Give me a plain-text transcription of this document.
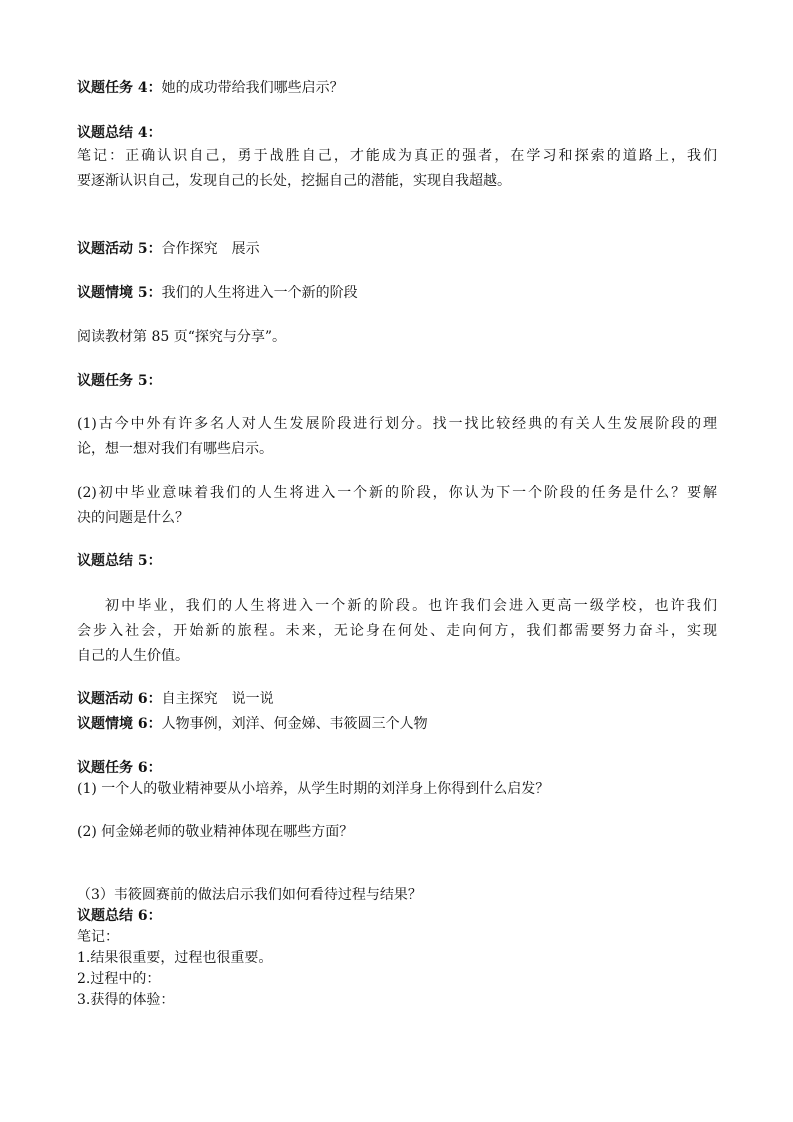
议题任务 4：她的成功带给我们哪些启示？
议题总结 4：
笔记：正确认识自己，勇于战胜自己，才能成为真正的强者，在学习和探索的道路上，我们
要逐渐认识自己，发现自己的长处，挖掘自己的潜能，实现自我超越。
议题活动 5：合作探究　展示
议题情境 5：我们的人生将进入一个新的阶段
阅读教材第 85 页“探究与分享”。
议题任务 5：
(1)古今中外有许多名人对人生发展阶段进行划分。找一找比较经典的有关人生发展阶段的理
论，想一想对我们有哪些启示。
(2)初中毕业意味着我们的人生将进入一个新的阶段，你认为下一个阶段的任务是什么？要解
决的问题是什么？
议题总结 5：
初中毕业，我们的人生将进入一个新的阶段。也许我们会进入更高一级学校，也许我们
会步入社会，开始新的旅程。未来，无论身在何处、走向何方，我们都需要努力奋斗，实现
自己的人生价值。
议题活动 6：自主探究　说一说
议题情境 6：人物事例，刘洋、何金娣、韦筱圆三个人物
议题任务 6：
(1) 一个人的敬业精神要从小培养，从学生时期的刘洋身上你得到什么启发？
(2) 何金娣老师的敬业精神体现在哪些方面？
（3）韦筱圆赛前的做法启示我们如何看待过程与结果？
议题总结 6：
笔记：
1.结果很重要，过程也很重要。
2.过程中的：
3.获得的体验：
